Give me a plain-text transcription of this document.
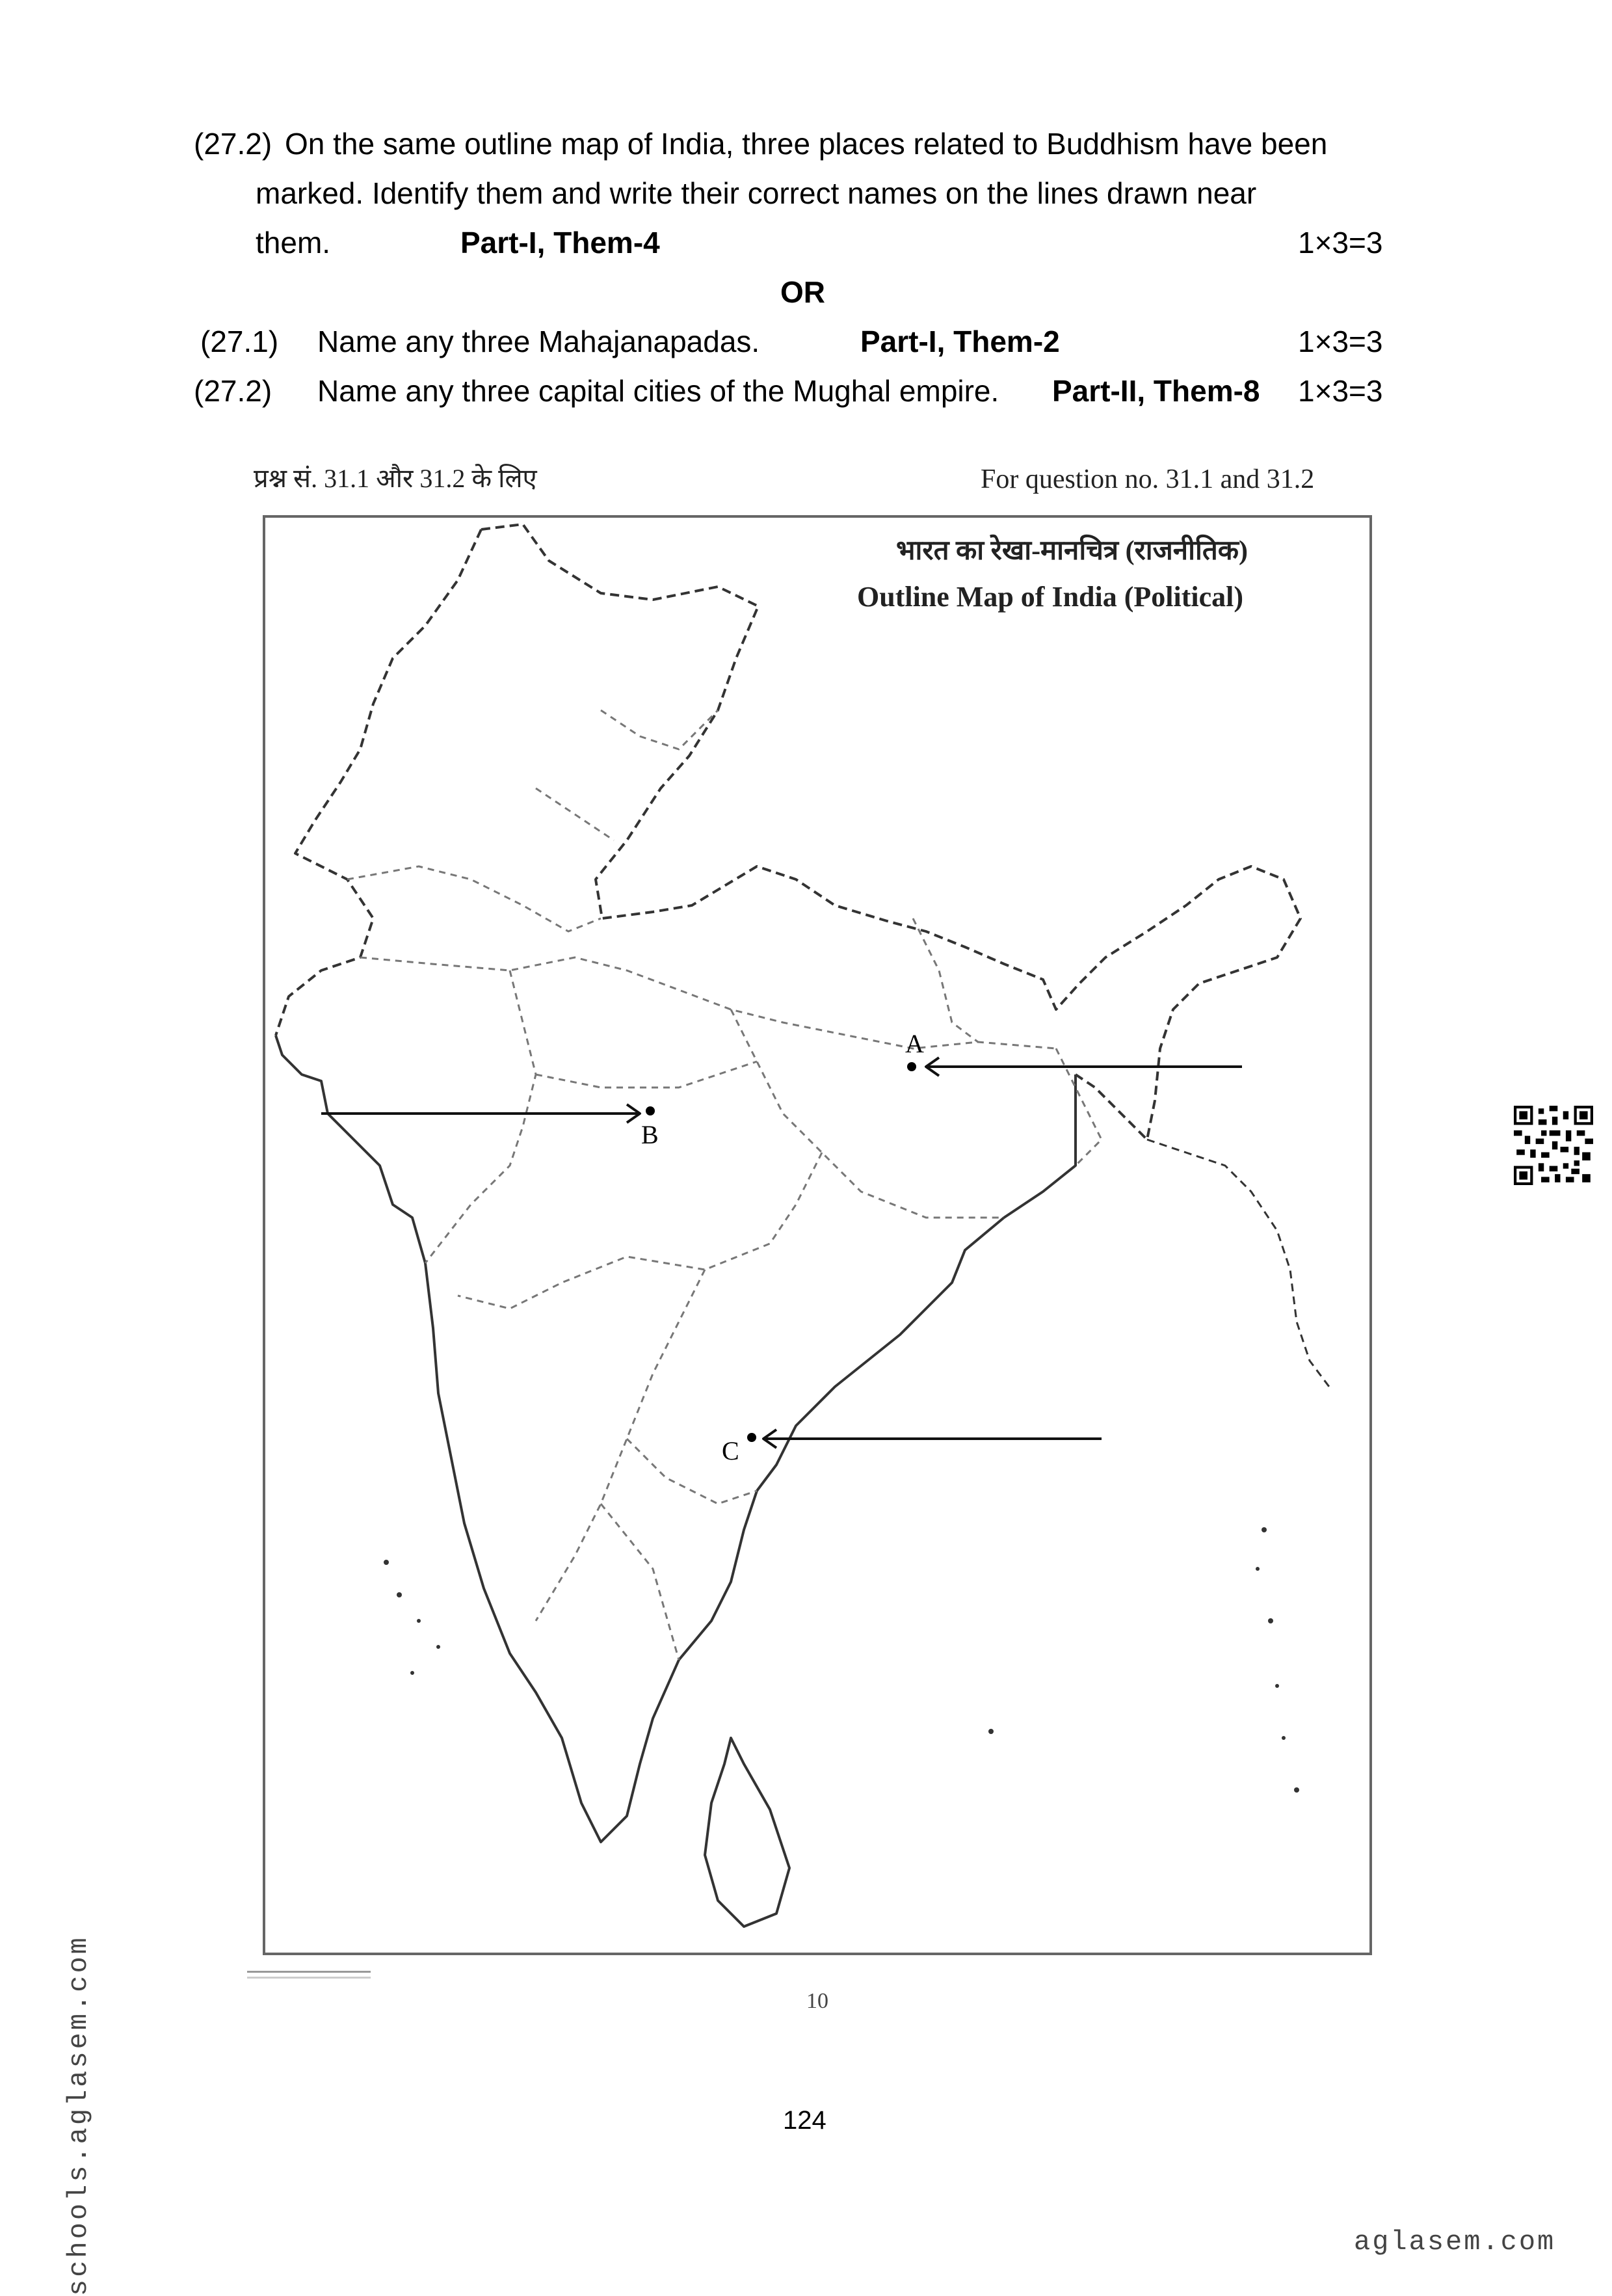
(27.2) On the same outline map of India, three places related to Buddhism have been
marked. Identify them and write their correct names on the lines drawn near
them.	Part-I, Them-4	1×3=3
OR
(27.1) Name any three Mahajanapadas.	Part-I, Them-2	1×3=3
(27.2) Name any three capital cities of the Mughal empire. Part-II, Them-8 1×3=3
प्रश्न सं. 31.1 और 31.2 के लिए	For question no. 31.1 and 31.2
भारत का रेखा-मानचित्र (राजनीतिक)
Outline Map of India (Political)
A
B
C
10
124
schools.aglasem.com	aglasem.com
